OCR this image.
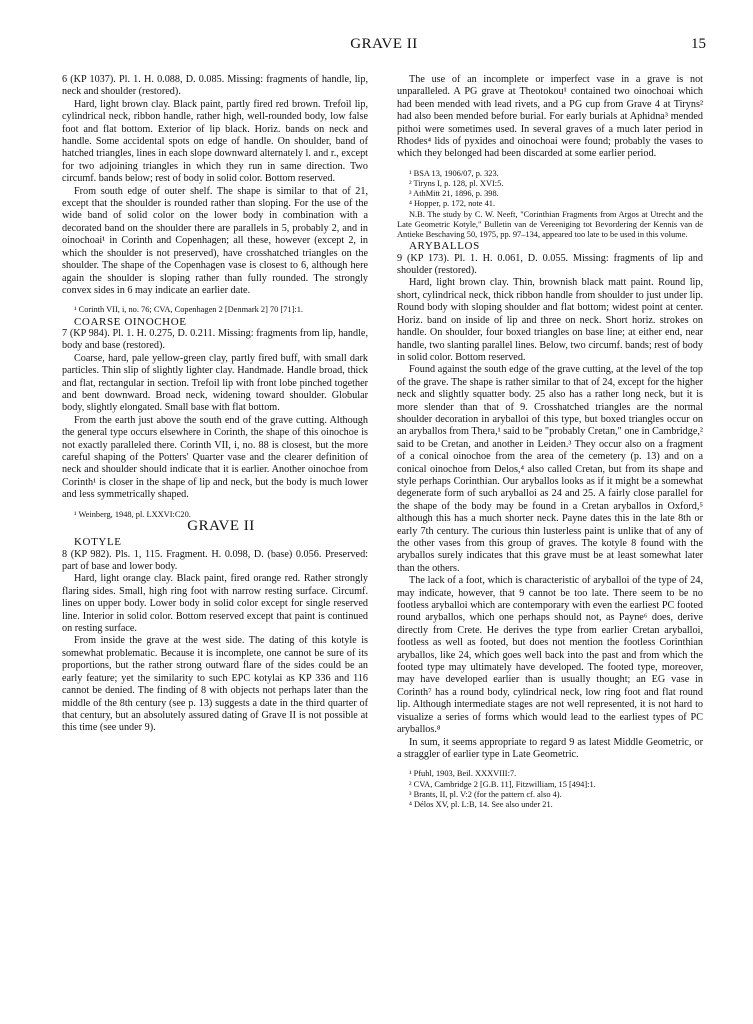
GRAVE II	15

6 (KP 1037). Pl. 1. H. 0.088, D. 0.085. Missing: fragments of handle, lip, neck and shoulder (restored).

Hard, light brown clay. Black paint, partly fired red brown. Trefoil lip, cylindrical neck, ribbon handle, rather high, well-rounded body, low false foot and flat bottom. Exterior of lip black. Horiz. bands on neck and handle. Some accidental spots on edge of handle. On shoulder, band of hatched triangles, lines in each slope downward alternately l. and r., except for two adjoining triangles in which they run in same direction. Two circumf. bands below; rest of body in solid color. Bottom reserved.

From south edge of outer shelf. The shape is similar to that of 21, except that the shoulder is rounded rather than sloping. For the use of the wide band of solid color on the lower body in combination with a decorated band on the shoulder there are parallels in 5, probably 2, and in oinochoai¹ in Corinth and Copenhagen; all these, however (except 2, in which the shoulder is not preserved), have crosshatched triangles on the shoulder. The shape of the Copenhagen vase is closest to 6, although here again the shoulder is sloping rather than fully rounded. The strongly convex sides in 6 may indicate an earlier date.

¹ Corinth VII, i, no. 76; CVA, Copenhagen 2 [Denmark 2] 70 [71]:1.

COARSE OINOCHOE

7 (KP 984). Pl. 1. H. 0.275, D. 0.211. Missing: fragments from lip, handle, body and base (restored).

Coarse, hard, pale yellow-green clay, partly fired buff, with small dark particles. Thin slip of slightly lighter clay. Handmade. Handle broad, thick and flat, rectangular in section. Trefoil lip with front lobe pinched together and bent downward. Broad neck, widening toward shoulder. Globular body, slightly elongated. Small base with flat bottom.

From the earth just above the south end of the grave cutting. Although the general type occurs elsewhere in Corinth, the shape of this oinochoe is not exactly paralleled there. Corinth VII, i, no. 88 is closest, but the more careful shaping of the Potters' Quarter vase and the clearer definition of neck and shoulder should indicate that it is earlier. Another oinochoe from Corinth¹ is closer in the shape of lip and neck, but the body is much lower and less symmetrically shaped.

¹ Weinberg, 1948, pl. LXXVI:C20.

GRAVE II

KOTYLE

8 (KP 982). Pls. 1, 115. Fragment. H. 0.098, D. (base) 0.056. Preserved: part of base and lower body.

Hard, light orange clay. Black paint, fired orange red. Rather strongly flaring sides. Small, high ring foot with narrow resting surface. Circumf. lines on upper body. Lower body in solid color except for single reserved line. Interior in solid color. Bottom reserved except that paint is continued on resting surface.

From inside the grave at the west side. The dating of this kotyle is somewhat problematic. Because it is incomplete, one cannot be sure of its proportions, but the rather strong outward flare of the sides could be an early feature; yet the similarity to such EPC kotylai as KP 336 and 116 cannot be denied. The finding of 8 with objects not perhaps later than the middle of the 8th century (see p. 13) suggests a date in the third quarter of that century, but an absolutely assured dating of Grave II is not possible at this time (see under 9).

The use of an incomplete or imperfect vase in a grave is not unparalleled. A PG grave at Theotokou¹ contained two oinochoai which had been mended with lead rivets, and a PG cup from Grave 4 at Tiryns² had also been mended before burial. For early burials at Aphidna³ mended pithoi were sometimes used. In several graves of a much later period in Rhodes⁴ lids of pyxides and oinochoai were found; probably the vases to which they belonged had been discarded at some earlier period.

¹ BSA 13, 1906/07, p. 323.

² Tiryns I, p. 128, pl. XVI:5.

³ AthMitt 21, 1896, p. 398.

⁴ Hopper, p. 172, note 41.

N.B. The study by C. W. Neeft, "Corinthian Fragments from Argos at Utrecht and the Late Geometric Kotyle," Bulletin van de Vereeniging tot Bevordering der Kennis van de Antieke Beschaving 50, 1975, pp. 97–134, appeared too late to be used in this volume.

ARYBALLOS

9 (KP 173). Pl. 1. H. 0.061, D. 0.055. Missing: fragments of lip and shoulder (restored).

Hard, light brown clay. Thin, brownish black matt paint. Round lip, short, cylindrical neck, thick ribbon handle from shoulder to just under lip. Round body with sloping shoulder and flat bottom; widest point at center. Horiz. band on inside of lip and three on neck. Short horiz. strokes on handle. On shoulder, four boxed triangles on base line; at either end, near handle, two slanting parallel lines. Below, two circumf. bands; rest of body in solid color. Bottom reserved.

Found against the south edge of the grave cutting, at the level of the top of the grave. The shape is rather similar to that of 24, except for the higher neck and slightly squatter body. 25 also has a rather long neck, but it is more slender than that of 9. Crosshatched triangles are the normal shoulder decoration in aryballoi of this type, but boxed triangles occur on an aryballos from Thera,¹ said to be "probably Cretan," one in Cambridge,² said to be Cretan, and another in Leiden.³ They occur also on a fragment of a conical oinochoe from the area of the cemetery (p. 13) and on a conical oinochoe from Delos,⁴ also called Cretan, but from its shape and style perhaps Corinthian. Our aryballos looks as if it might be a somewhat degenerate form of such aryballoi as 24 and 25. A fairly close parallel for the shape of the body may be found in a Cretan aryballos in Oxford,⁵ although this has a much shorter neck. Payne dates this in the late 8th or early 7th century. The curious thin lusterless paint is unlike that of any of the other vases from this group of graves. The kotyle 8 found with the aryballos surely indicates that this grave must be at least somewhat later than the others.

The lack of a foot, which is characteristic of aryballoi of the type of 24, may indicate, however, that 9 cannot be too late. There seem to be no footless aryballoi which are contemporary with even the earliest PC footed round aryballos, which one perhaps should not, as Payne⁶ does, derive directly from Crete. He derives the type from earlier Cretan aryballoi, footless as well as footed, but does not mention the footless Corinthian aryballos, like 24, which goes well back into the past and from which the footed type may ultimately have developed. The footed type, moreover, may have developed earlier than is usually thought; an EG vase in Corinth⁷ has a round body, cylindrical neck, low ring foot and flat round lip. Although intermediate stages are not well represented, it is not hard to visualize a series of forms which would lead to the earliest types of PC aryballos.⁸

In sum, it seems appropriate to regard 9 as latest Middle Geometric, or a straggler of earlier type in Late Geometric.

¹ Pfuhl, 1903, Beil. XXXVIII:7.

² CVA, Cambridge 2 [G.B. 11], Fitzwilliam, 15 [494]:1.

³ Brants, II, pl. V:2 (for the pattern cf. also 4).

⁴ Délos XV, pl. L:B, 14. See also under 21.
